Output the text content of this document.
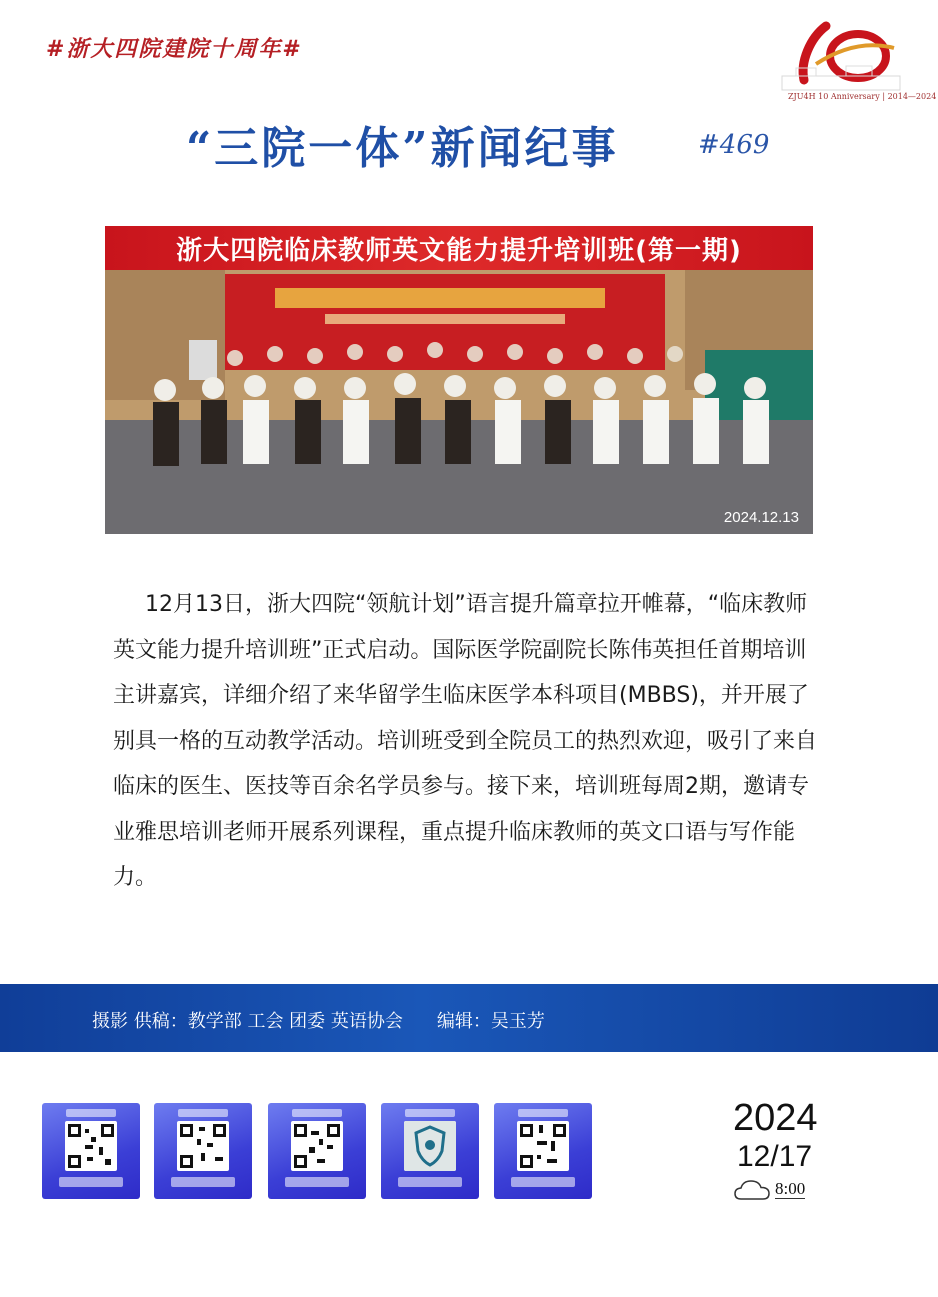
#浙大四院建院十周年#
ZJU4H 10 Anniversary | 2014—2024
“三院一体”新闻纪事	#469
浙大四院临床教师英文能力提升培训班(第一期)
2024.12.13

12月13日，浙大四院“领航计划”语言提升篇章拉开帷幕，“临床教师英文能力提升培训班”正式启动。国际医学院副院长陈伟英担任首期培训主讲嘉宾，详细介绍了来华留学生临床医学本科项目(MBBS)，并开展了别具一格的互动教学活动。培训班受到全院员工的热烈欢迎，吸引了来自临床的医生、医技等百余名学员参与。接下来，培训班每周2期，邀请专业雅思培训老师开展系列课程，重点提升临床教师的英文口语与写作能力。

摄影 供稿：教学部 工会 团委 英语协会 编辑：吴玉芳
2024
12/17
8:00
